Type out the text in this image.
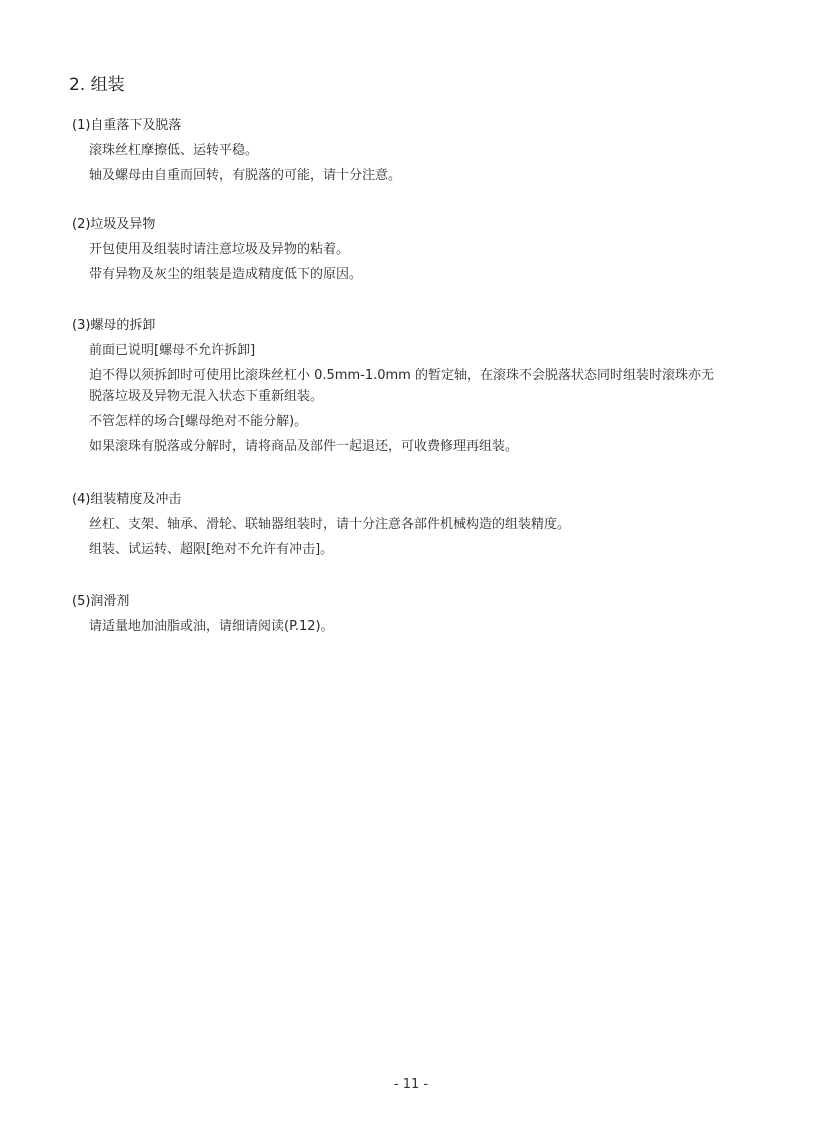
2. 组装
(1)自重落下及脱落
滚珠丝杠摩擦低、运转平稳。
轴及螺母由自重而回转，有脱落的可能，请十分注意。
(2)垃圾及异物
开包使用及组装时请注意垃圾及异物的粘着。
带有异物及灰尘的组装是造成精度低下的原因。
(3)螺母的拆卸
前面已说明[螺母不允许拆卸]
迫不得以须拆卸时可使用比滚珠丝杠小 0.5mm-1.0mm 的暂定轴，在滚珠不会脱落状态同时组装时滚珠亦无
脱落垃圾及异物无混入状态下重新组装。
不管怎样的场合[螺母绝对不能分解)。
如果滚珠有脱落或分解时，请将商品及部件一起退还，可收费修理再组装。
(4)组装精度及冲击
丝杠、支架、轴承、滑轮、联轴器组装时，请十分注意各部件机械构造的组装精度。
组装、试运转、超限[绝对不允许有冲击]。
(5)润滑剂
请适量地加油脂或油，请细请阅读(P.12)。
- 11 -
